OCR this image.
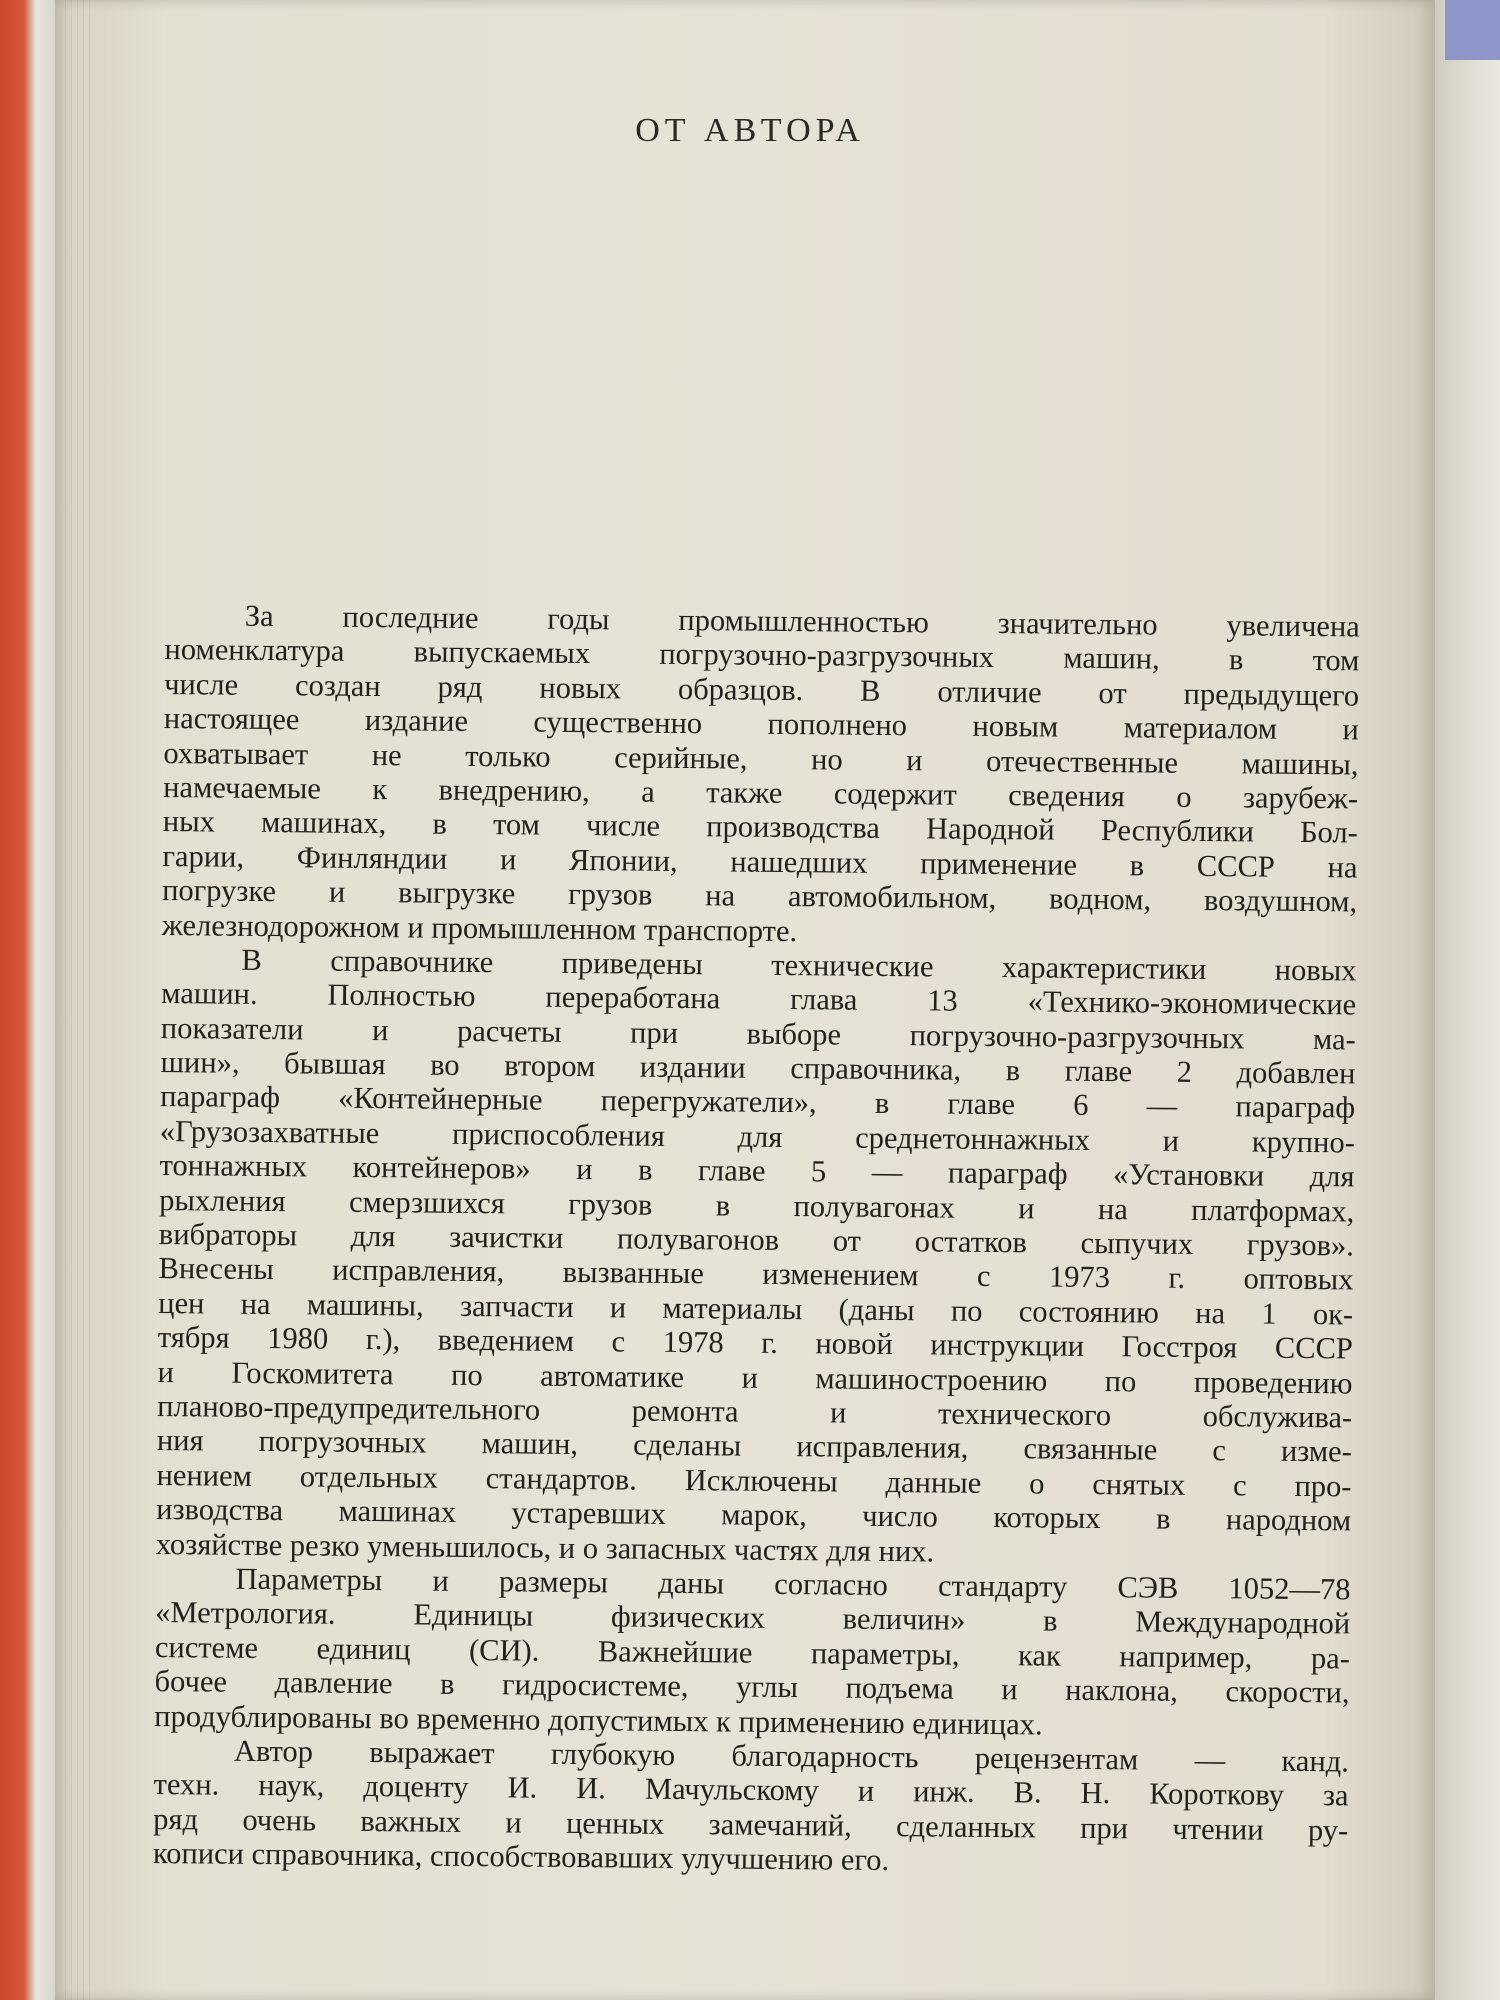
ОТ АВТОРА
За последние годы промышленностью значительно увеличена
номенклатура выпускаемых погрузочно-разгрузочных машин, в том
числе создан ряд новых образцов. В отличие от предыдущего
настоящее издание существенно пополнено новым материалом и
охватывает не только серийные, но и отечественные машины,
намечаемые к внедрению, а также содержит сведения о зарубеж-
ных машинах, в том числе производства Народной Республики Бол-
гарии, Финляндии и Японии, нашедших применение в СССР на
погрузке и выгрузке грузов на автомобильном, водном, воздушном,
железнодорожном и промышленном транспорте.
В справочнике приведены технические характеристики новых
машин. Полностью переработана глава 13 «Технико-экономические
показатели и расчеты при выборе погрузочно-разгрузочных ма-
шин», бывшая во втором издании справочника, в главе 2 добавлен
параграф «Контейнерные перегружатели», в главе 6 — параграф
«Грузозахватные приспособления для среднетоннажных и крупно-
тоннажных контейнеров» и в главе 5 — параграф «Установки для
рыхления смерзшихся грузов в полувагонах и на платформах,
вибраторы для зачистки полувагонов от остатков сыпучих грузов».
Внесены исправления, вызванные изменением с 1973 г. оптовых
цен на машины, запчасти и материалы (даны по состоянию на 1 ок-
тября 1980 г.), введением с 1978 г. новой инструкции Госстроя СССР
и Госкомитета по автоматике и машиностроению по проведению
планово-предупредительного ремонта и технического обслужива-
ния погрузочных машин, сделаны исправления, связанные с изме-
нением отдельных стандартов. Исключены данные о снятых с про-
изводства машинах устаревших марок, число которых в народном
хозяйстве резко уменьшилось, и о запасных частях для них.
Параметры и размеры даны согласно стандарту СЭВ 1052—78
«Метрология. Единицы физических величин» в Международной
системе единиц (СИ). Важнейшие параметры, как например, ра-
бочее давление в гидросистеме, углы подъема и наклона, скорости,
продублированы во временно допустимых к применению единицах.
Автор выражает глубокую благодарность рецензентам — канд.
техн. наук, доценту И. И. Мачульскому и инж. В. Н. Короткову за
ряд очень важных и ценных замечаний, сделанных при чтении ру-
кописи справочника, способствовавших улучшению его.
